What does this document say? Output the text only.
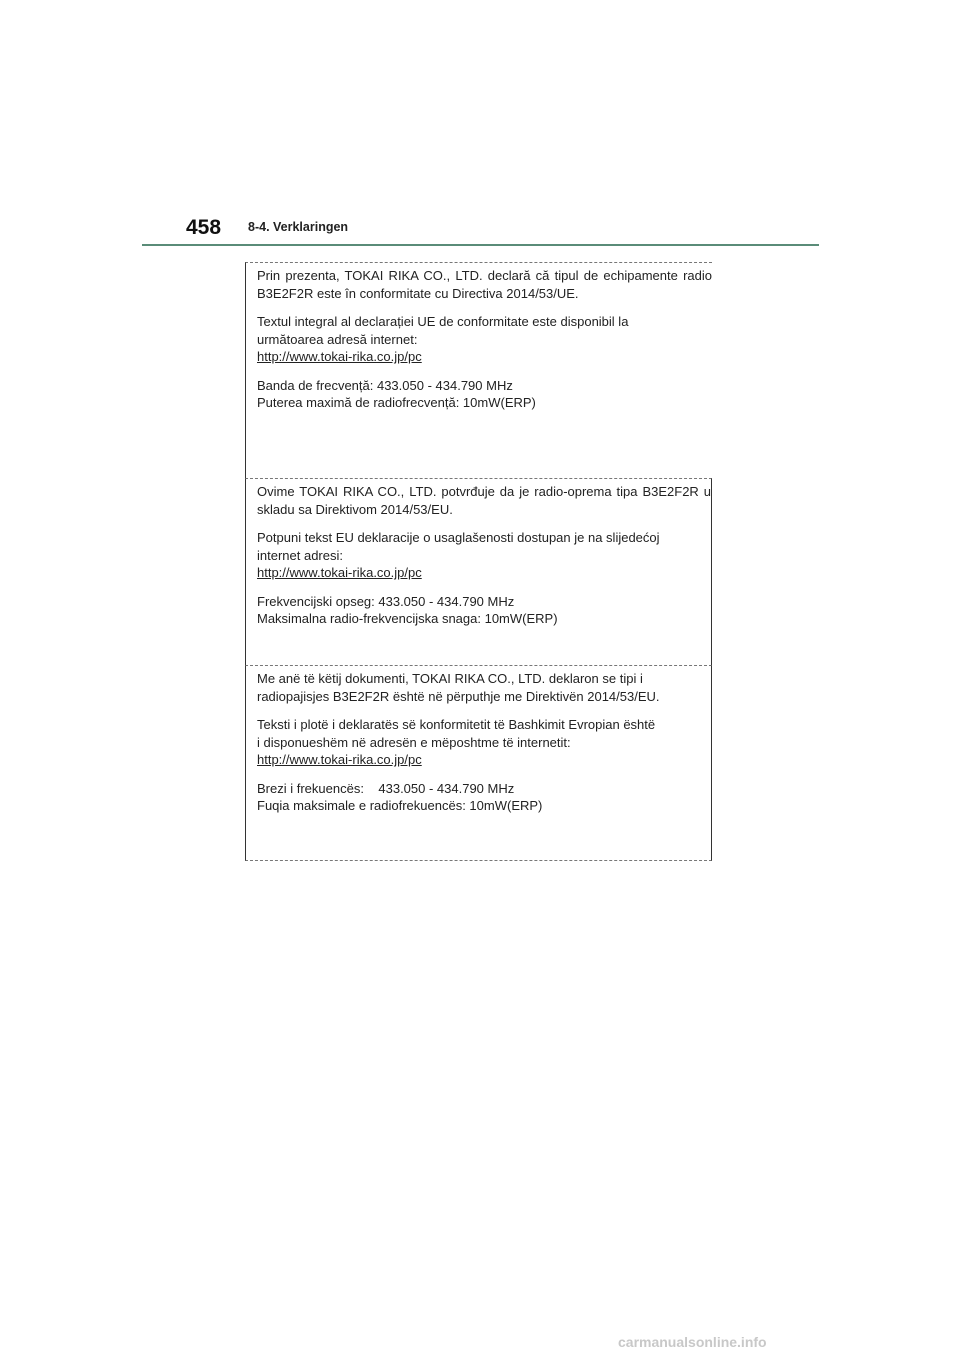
458 8-4. Verklaringen

Prin prezenta, TOKAI RIKA CO., LTD. declară că tipul de echipamente radio B3E2F2R este în conformitate cu Directiva 2014/53/UE.

Textul integral al declarației UE de conformitate este disponibil la

următoarea adresă internet:

http://www.tokai-rika.co.jp/pc

Banda de frecvență: 433.050 - 434.790 MHz

Puterea maximă de radiofrecvență: 10mW(ERP)

Ovime TOKAI RIKA CO., LTD. potvrđuje da je radio-oprema tipa B3E2F2R u skladu sa Direktivom 2014/53/EU.

Potpuni tekst EU deklaracije o usaglašenosti dostupan je na slijedećoj

internet adresi:

http://www.tokai-rika.co.jp/pc

Frekvencijski opseg: 433.050 - 434.790 MHz

Maksimalna radio-frekvencijska snaga: 10mW(ERP)

Me anë të këtij dokumenti, TOKAI RIKA CO., LTD. deklaron se tipi i

radiopajisjes B3E2F2R është në përputhje me Direktivën 2014/53/EU.

Teksti i plotë i deklaratës së konformitetit të Bashkimit Evropian është

i disponueshëm në adresën e mëposhtme të internetit:

http://www.tokai-rika.co.jp/pc

Brezi i frekuencës:    433.050 - 434.790 MHz

Fuqia maksimale e radiofrekuencës: 10mW(ERP)

carmanualsonline.info
